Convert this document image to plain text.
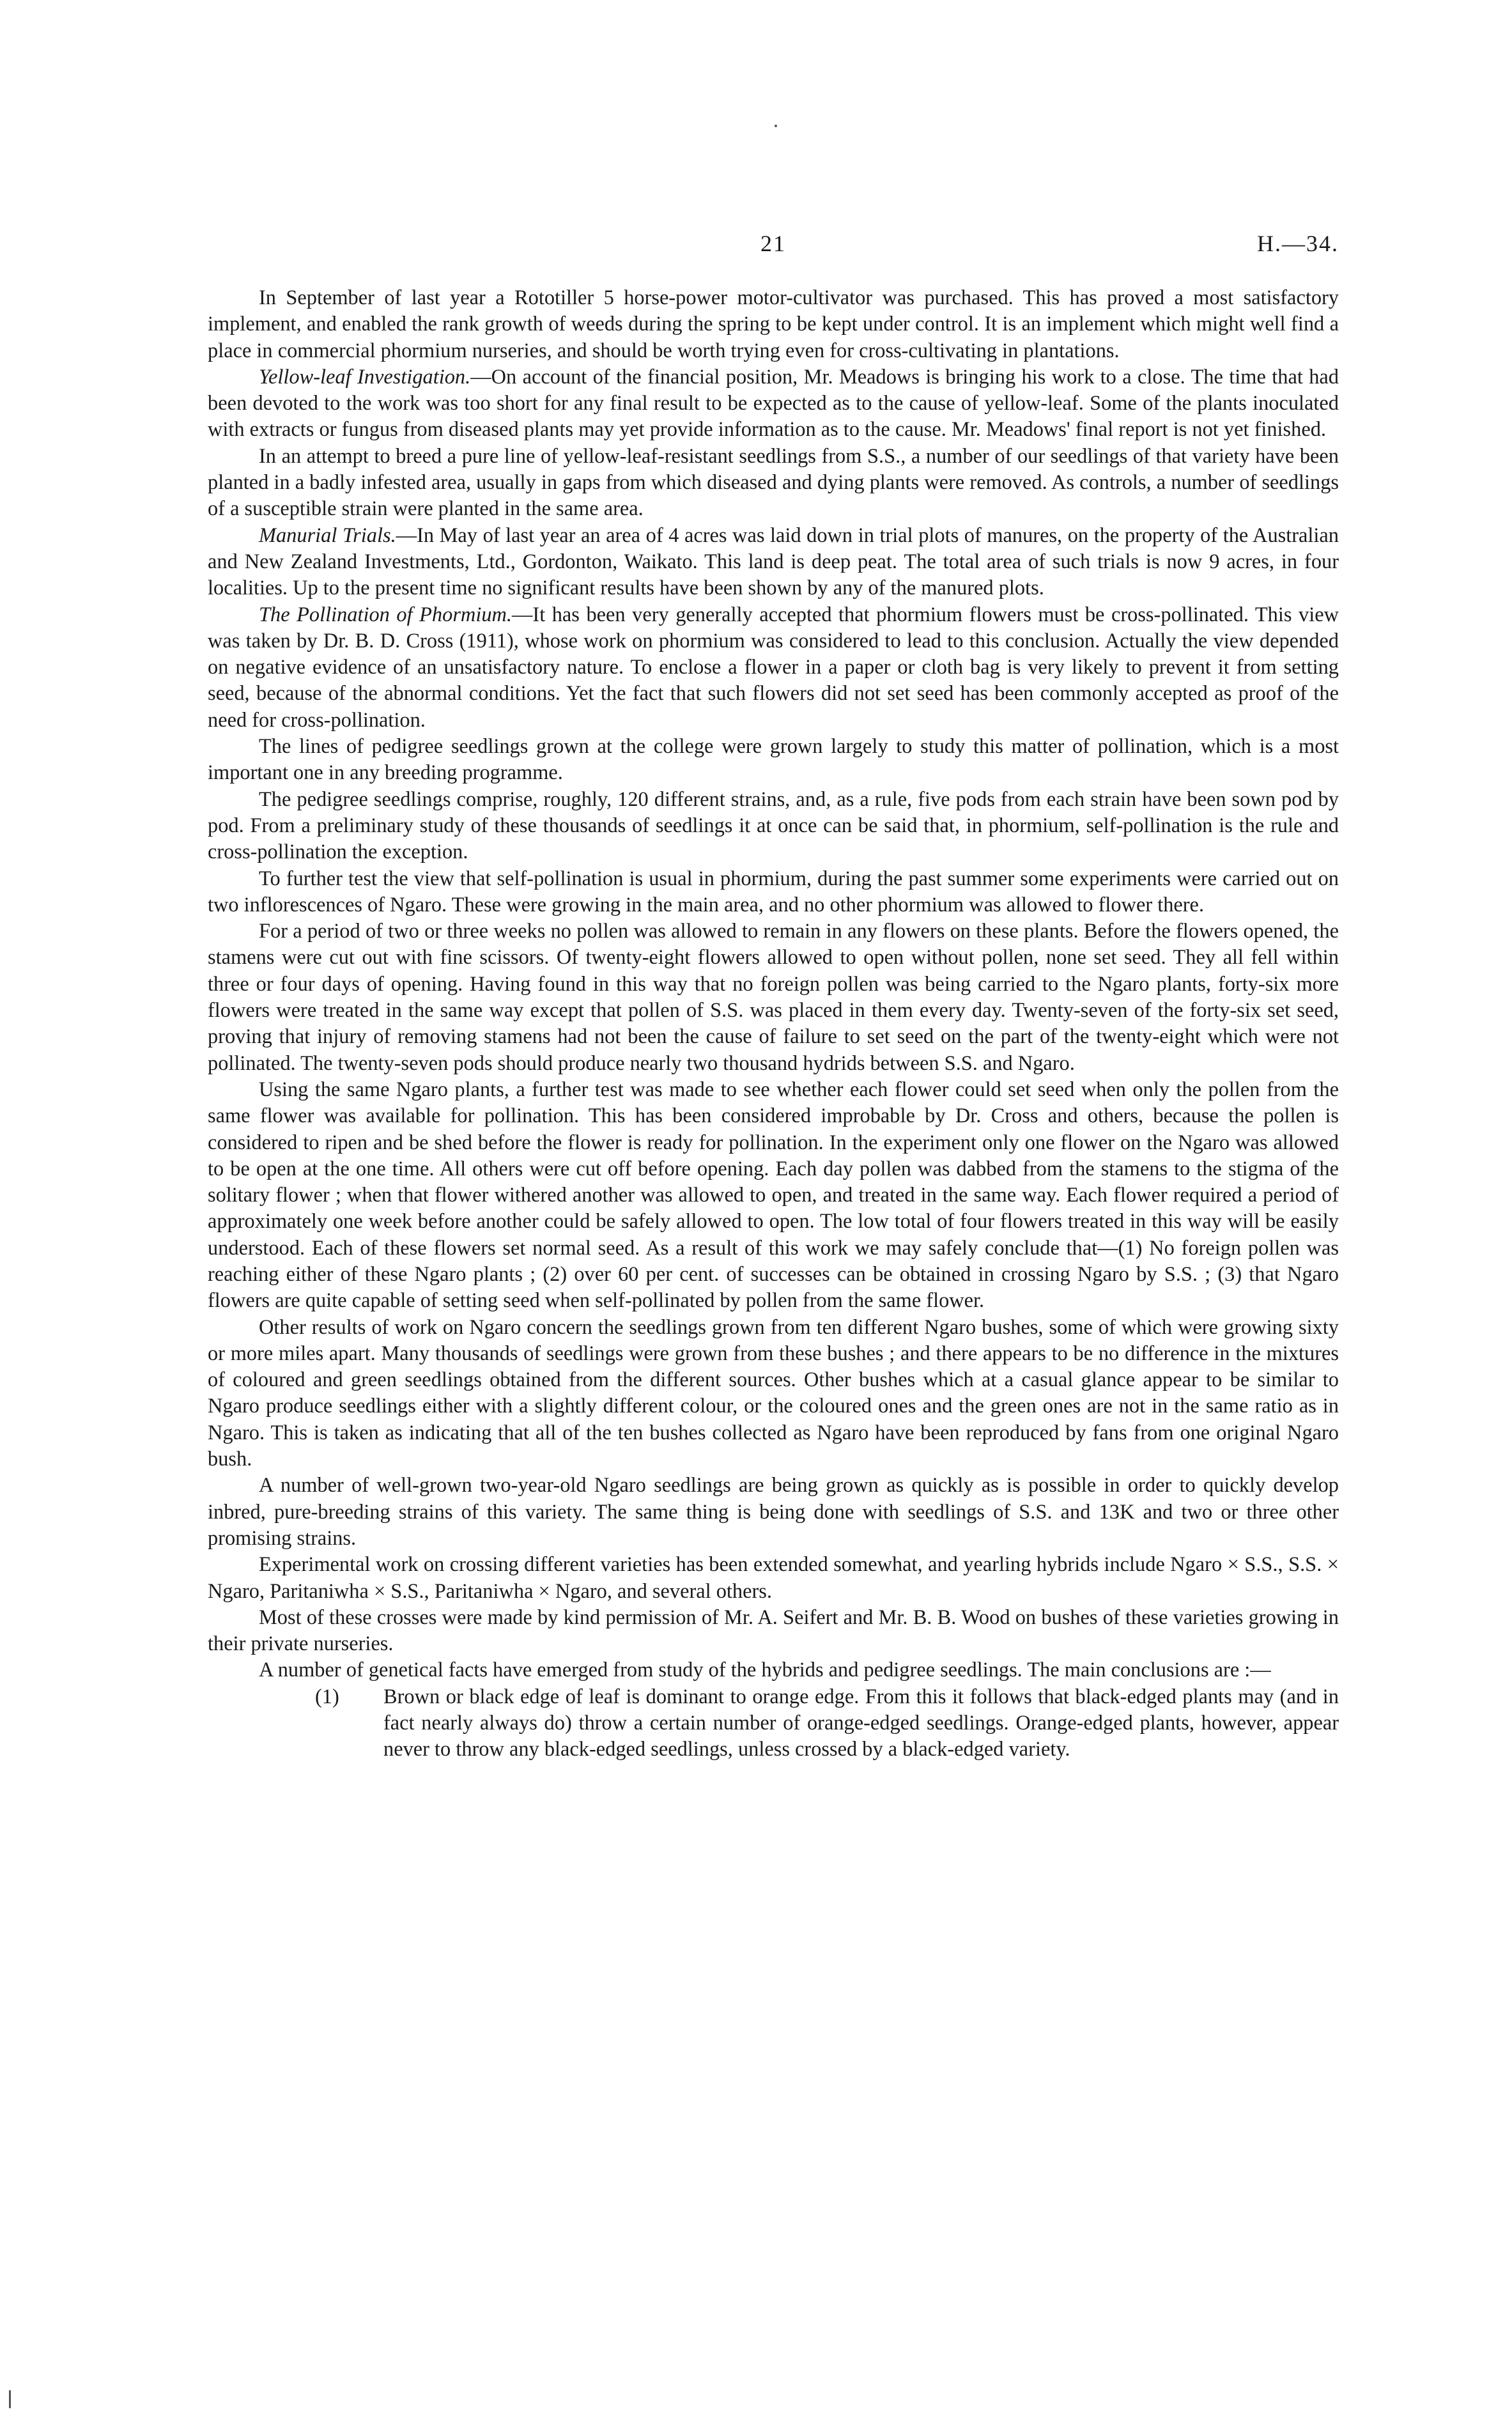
21	H.—34.

In September of last year a Rototiller 5 horse-power motor-cultivator was purchased. This has proved a most satisfactory implement, and enabled the rank growth of weeds during the spring to be kept under control. It is an implement which might well find a place in commercial phormium nurseries, and should be worth trying even for cross-cultivating in plantations.

Yellow-leaf Investigation.—On account of the financial position, Mr. Meadows is bringing his work to a close. The time that had been devoted to the work was too short for any final result to be expected as to the cause of yellow-leaf. Some of the plants inoculated with extracts or fungus from diseased plants may yet provide information as to the cause. Mr. Meadows' final report is not yet finished.

In an attempt to breed a pure line of yellow-leaf-resistant seedlings from S.S., a number of our seedlings of that variety have been planted in a badly infested area, usually in gaps from which diseased and dying plants were removed. As controls, a number of seedlings of a susceptible strain were planted in the same area.

Manurial Trials.—In May of last year an area of 4 acres was laid down in trial plots of manures, on the property of the Australian and New Zealand Investments, Ltd., Gordonton, Waikato. This land is deep peat. The total area of such trials is now 9 acres, in four localities. Up to the present time no significant results have been shown by any of the manured plots.

The Pollination of Phormium.—It has been very generally accepted that phormium flowers must be cross-pollinated. This view was taken by Dr. B. D. Cross (1911), whose work on phormium was considered to lead to this conclusion. Actually the view depended on negative evidence of an unsatisfactory nature. To enclose a flower in a paper or cloth bag is very likely to prevent it from setting seed, because of the abnormal conditions. Yet the fact that such flowers did not set seed has been commonly accepted as proof of the need for cross-pollination.

The lines of pedigree seedlings grown at the college were grown largely to study this matter of pollination, which is a most important one in any breeding programme.

The pedigree seedlings comprise, roughly, 120 different strains, and, as a rule, five pods from each strain have been sown pod by pod. From a preliminary study of these thousands of seedlings it at once can be said that, in phormium, self-pollination is the rule and cross-pollination the exception.

To further test the view that self-pollination is usual in phormium, during the past summer some experiments were carried out on two inflorescences of Ngaro. These were growing in the main area, and no other phormium was allowed to flower there.

For a period of two or three weeks no pollen was allowed to remain in any flowers on these plants. Before the flowers opened, the stamens were cut out with fine scissors. Of twenty-eight flowers allowed to open without pollen, none set seed. They all fell within three or four days of opening. Having found in this way that no foreign pollen was being carried to the Ngaro plants, forty-six more flowers were treated in the same way except that pollen of S.S. was placed in them every day. Twenty-seven of the forty-six set seed, proving that injury of removing stamens had not been the cause of failure to set seed on the part of the twenty-eight which were not pollinated. The twenty-seven pods should produce nearly two thousand hydrids between S.S. and Ngaro.

Using the same Ngaro plants, a further test was made to see whether each flower could set seed when only the pollen from the same flower was available for pollination. This has been considered improbable by Dr. Cross and others, because the pollen is considered to ripen and be shed before the flower is ready for pollination. In the experiment only one flower on the Ngaro was allowed to be open at the one time. All others were cut off before opening. Each day pollen was dabbed from the stamens to the stigma of the solitary flower ; when that flower withered another was allowed to open, and treated in the same way. Each flower required a period of approximately one week before another could be safely allowed to open. The low total of four flowers treated in this way will be easily understood. Each of these flowers set normal seed. As a result of this work we may safely conclude that—(1) No foreign pollen was reaching either of these Ngaro plants ; (2) over 60 per cent. of successes can be obtained in crossing Ngaro by S.S. ; (3) that Ngaro flowers are quite capable of setting seed when self-pollinated by pollen from the same flower.

Other results of work on Ngaro concern the seedlings grown from ten different Ngaro bushes, some of which were growing sixty or more miles apart. Many thousands of seedlings were grown from these bushes ; and there appears to be no difference in the mixtures of coloured and green seedlings obtained from the different sources. Other bushes which at a casual glance appear to be similar to Ngaro produce seedlings either with a slightly different colour, or the coloured ones and the green ones are not in the same ratio as in Ngaro. This is taken as indicating that all of the ten bushes collected as Ngaro have been reproduced by fans from one original Ngaro bush.

A number of well-grown two-year-old Ngaro seedlings are being grown as quickly as is possible in order to quickly develop inbred, pure-breeding strains of this variety. The same thing is being done with seedlings of S.S. and 13K and two or three other promising strains.

Experimental work on crossing different varieties has been extended somewhat, and yearling hybrids include Ngaro × S.S., S.S. × Ngaro, Paritaniwha × S.S., Paritaniwha × Ngaro, and several others.

Most of these crosses were made by kind permission of Mr. A. Seifert and Mr. B. B. Wood on bushes of these varieties growing in their private nurseries.

A number of genetical facts have emerged from study of the hybrids and pedigree seedlings. The main conclusions are :—

(1) Brown or black edge of leaf is dominant to orange edge. From this it follows that black-edged plants may (and in fact nearly always do) throw a certain number of orange-edged seedlings. Orange-edged plants, however, appear never to throw any black-edged seedlings, unless crossed by a black-edged variety.
